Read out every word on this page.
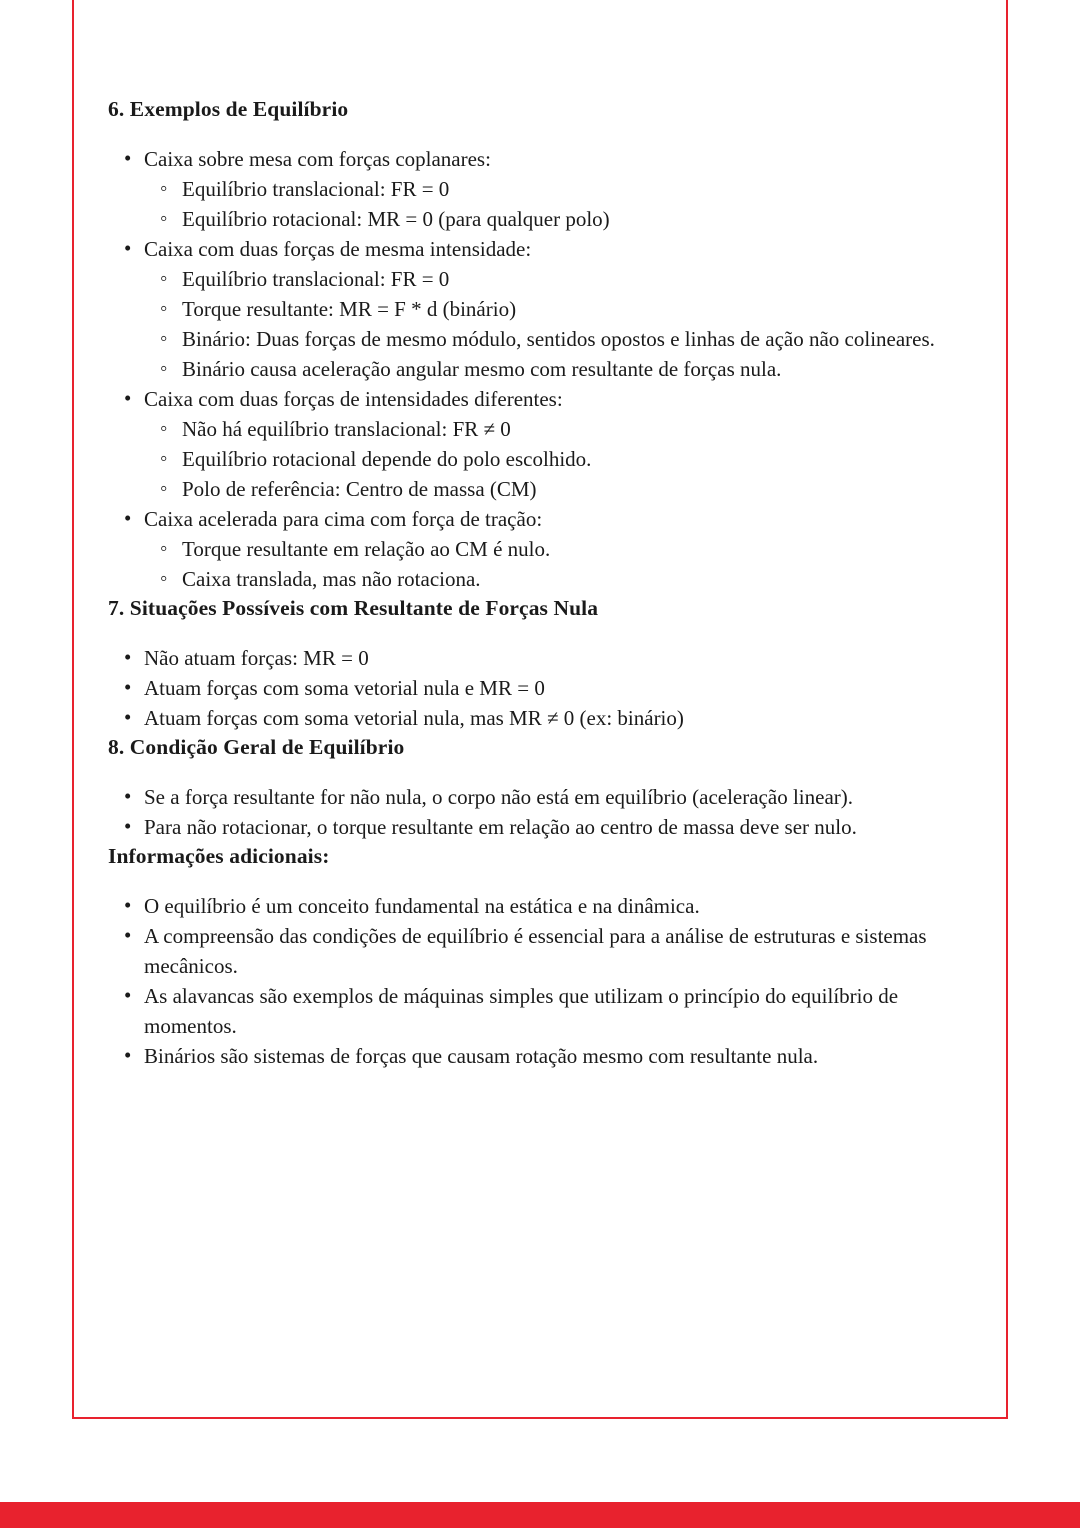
6. Exemplos de Equilíbrio
• Caixa sobre mesa com forças coplanares:
◦ Equilíbrio translacional: FR = 0
◦ Equilíbrio rotacional: MR = 0 (para qualquer polo)
• Caixa com duas forças de mesma intensidade:
◦ Equilíbrio translacional: FR = 0
◦ Torque resultante: MR = F * d (binário)
◦ Binário: Duas forças de mesmo módulo, sentidos opostos e linhas de ação não colineares.
◦ Binário causa aceleração angular mesmo com resultante de forças nula.
• Caixa com duas forças de intensidades diferentes:
◦ Não há equilíbrio translacional: FR ≠ 0
◦ Equilíbrio rotacional depende do polo escolhido.
◦ Polo de referência: Centro de massa (CM)
• Caixa acelerada para cima com força de tração:
◦ Torque resultante em relação ao CM é nulo.
◦ Caixa translada, mas não rotaciona.
7. Situações Possíveis com Resultante de Forças Nula
• Não atuam forças: MR = 0
• Atuam forças com soma vetorial nula e MR = 0
• Atuam forças com soma vetorial nula, mas MR ≠ 0 (ex: binário)
8. Condição Geral de Equilíbrio
• Se a força resultante for não nula, o corpo não está em equilíbrio (aceleração linear).
• Para não rotacionar, o torque resultante em relação ao centro de massa deve ser nulo.
Informações adicionais:
• O equilíbrio é um conceito fundamental na estática e na dinâmica.
• A compreensão das condições de equilíbrio é essencial para a análise de estruturas e sistemas mecânicos.
• As alavancas são exemplos de máquinas simples que utilizam o princípio do equilíbrio de momentos.
• Binários são sistemas de forças que causam rotação mesmo com resultante nula.
